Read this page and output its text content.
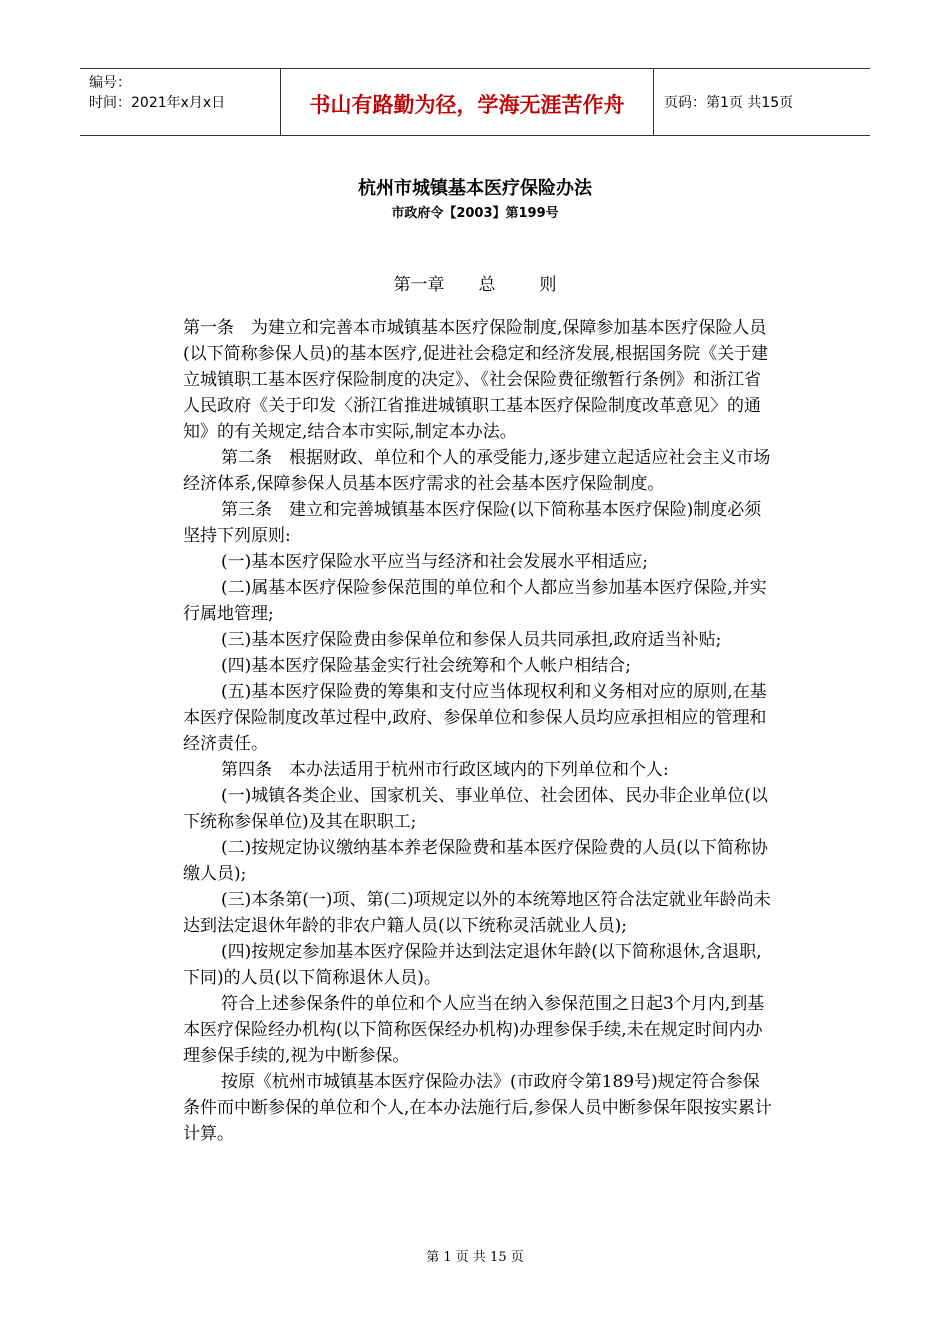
编号：
时间：2021年x月x日	书山有路勤为径，学海无涯苦作舟	页码：第1页 共15页
杭州市城镇基本医疗保险办法
市政府令【2003】第199号
第一章 总	则

第一条　为建立和完善本市城镇基本医疗保险制度,保障参加基本医疗保险人员(以下简称参保人员)的基本医疗,促进社会稳定和经济发展,根据国务院《关于建立城镇职工基本医疗保险制度的决定》、《社会保险费征缴暂行条例》和浙江省人民政府《关于印发〈浙江省推进城镇职工基本医疗保险制度改革意见〉的通知》的有关规定,结合本市实际,制定本办法。

第二条　根据财政、单位和个人的承受能力,逐步建立起适应社会主义市场经济体系,保障参保人员基本医疗需求的社会基本医疗保险制度。

第三条　建立和完善城镇基本医疗保险(以下简称基本医疗保险)制度必须坚持下列原则:

(一)基本医疗保险水平应当与经济和社会发展水平相适应;

(二)属基本医疗保险参保范围的单位和个人都应当参加基本医疗保险,并实行属地管理;

(三)基本医疗保险费由参保单位和参保人员共同承担,政府适当补贴;

(四)基本医疗保险基金实行社会统筹和个人帐户相结合;

(五)基本医疗保险费的筹集和支付应当体现权利和义务相对应的原则,在基本医疗保险制度改革过程中,政府、参保单位和参保人员均应承担相应的管理和经济责任。

第四条　本办法适用于杭州市行政区域内的下列单位和个人:

(一)城镇各类企业、国家机关、事业单位、社会团体、民办非企业单位(以下统称参保单位)及其在职职工;

(二)按规定协议缴纳基本养老保险费和基本医疗保险费的人员(以下简称协缴人员);

(三)本条第(一)项、第(二)项规定以外的本统筹地区符合法定就业年龄尚未达到法定退休年龄的非农户籍人员(以下统称灵活就业人员);

(四)按规定参加基本医疗保险并达到法定退休年龄(以下简称退休,含退职,下同)的人员(以下简称退休人员)。

符合上述参保条件的单位和个人应当在纳入参保范围之日起3个月内,到基本医疗保险经办机构(以下简称医保经办机构)办理参保手续,未在规定时间内办理参保手续的,视为中断参保。

按原《杭州市城镇基本医疗保险办法》(市政府令第189号)规定符合参保条件而中断参保的单位和个人,在本办法施行后,参保人员中断参保年限按实累计计算。

第 1 页 共 15 页
